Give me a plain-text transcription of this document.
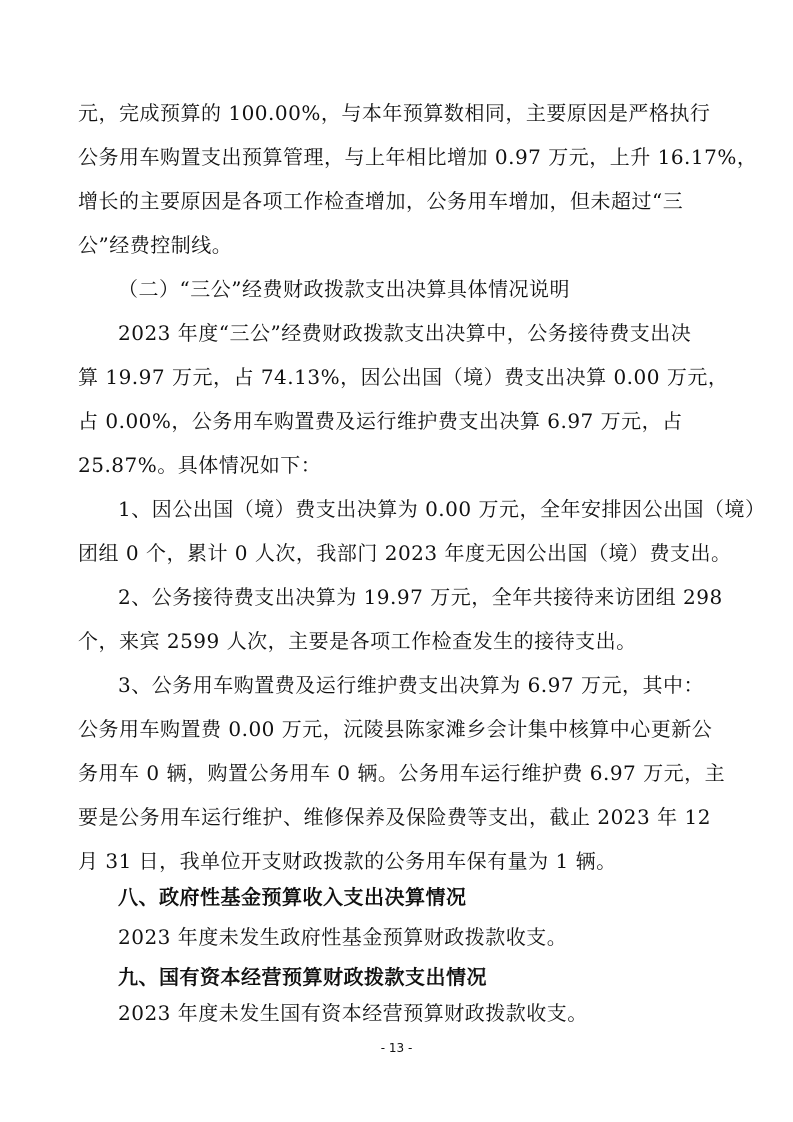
元，完成预算的 100.00%，与本年预算数相同，主要原因是严格执行
公务用车购置支出预算管理，与上年相比增加 0.97 万元，上升 16.17%，
增长的主要原因是各项工作检查增加，公务用车增加，但未超过“三
公”经费控制线。
（二）“三公”经费财政拨款支出决算具体情况说明
2023 年度“三公”经费财政拨款支出决算中，公务接待费支出决
算 19.97 万元，占 74.13%，因公出国（境）费支出决算 0.00 万元，
占 0.00%，公务用车购置费及运行维护费支出决算 6.97 万元，占
25.87%。具体情况如下：
1、因公出国（境）费支出决算为 0.00 万元，全年安排因公出国（境）
团组 0 个，累计 0 人次，我部门 2023 年度无因公出国（境）费支出。
2、公务接待费支出决算为 19.97 万元，全年共接待来访团组 298
个，来宾 2599 人次，主要是各项工作检查发生的接待支出。
3、公务用车购置费及运行维护费支出决算为 6.97 万元，其中：
公务用车购置费 0.00 万元，沅陵县陈家滩乡会计集中核算中心更新公
务用车 0 辆，购置公务用车 0 辆。公务用车运行维护费 6.97 万元，主
要是公务用车运行维护、维修保养及保险费等支出，截止 2023 年 12
月 31 日，我单位开支财政拨款的公务用车保有量为 1 辆。
八、政府性基金预算收入支出决算情况
2023 年度未发生政府性基金预算财政拨款收支。
九、国有资本经营预算财政拨款支出情况
2023 年度未发生国有资本经营预算财政拨款收支。
- 13 -
